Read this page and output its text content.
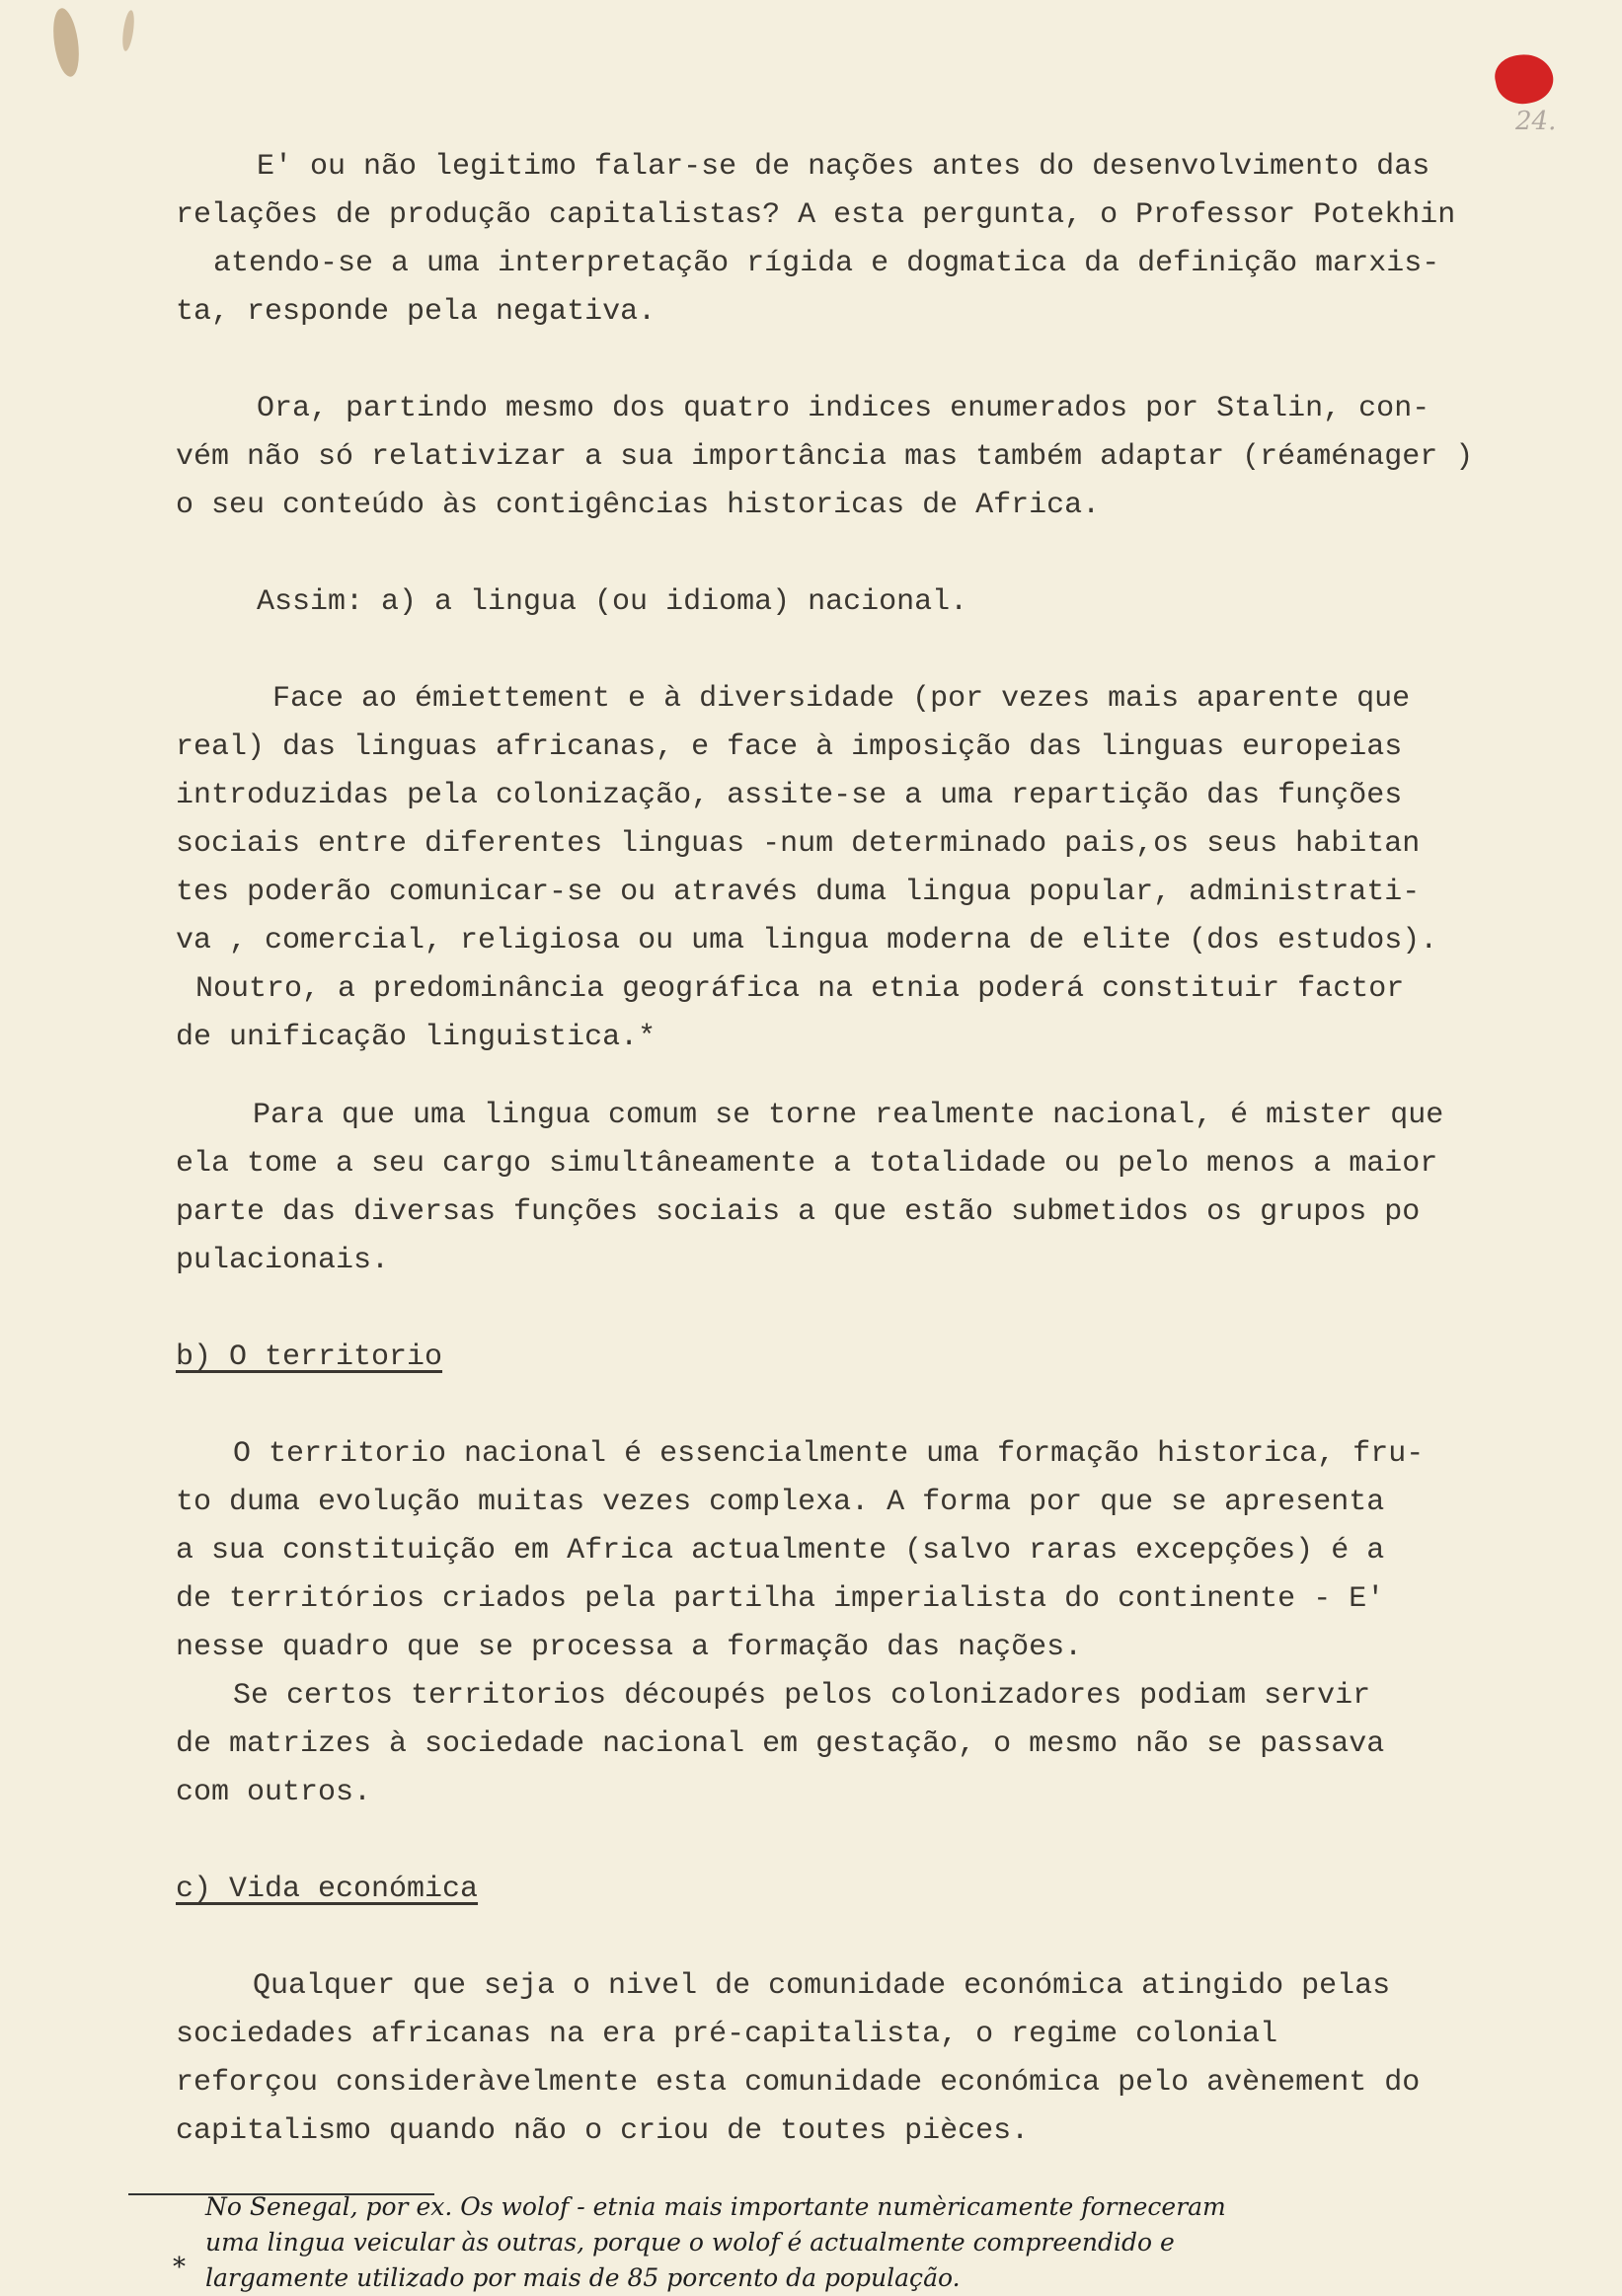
24.

E' ou não legitimo falar-se de nações antes do desenvolvimento das
relações de produção capitalistas? A esta pergunta, o Professor Potekhin
atendo-se a uma interpretação rígida e dogmatica da definição marxis-
ta, responde pela negativa.

Ora, partindo mesmo dos quatro indices enumerados por Stalin, con-
vém não só relativizar a sua importância mas também adaptar (réaménager )
o seu conteúdo às contigências historicas de Africa.

Assim: a) a lingua (ou idioma) nacional.

Face ao émiettement e à diversidade (por vezes mais aparente que
real) das linguas africanas, e face à imposição das linguas europeias
introduzidas pela colonização, assite-se a uma repartição das funções
sociais entre diferentes linguas -num determinado pais,os seus habitan
tes poderão comunicar-se ou através duma lingua popular, administrati-
va , comercial, religiosa ou uma lingua moderna de elite (dos estudos).
Noutro, a predominância geográfica na etnia poderá constituir factor
de unificação linguistica.*

Para que uma lingua comum se torne realmente nacional, é mister que
ela tome a seu cargo simultâneamente a totalidade ou pelo menos a maior
parte das diversas funções sociais a que estão submetidos os grupos po
pulacionais.

b) O territorio

O territorio nacional é essencialmente uma formação historica, fru-
to duma evolução muitas vezes complexa. A forma por que se apresenta
a sua constituição em Africa actualmente (salvo raras excepções) é a
de territórios criados pela partilha imperialista do continente - E'
nesse quadro que se processa a formação das nações.
Se certos territorios découpés pelos colonizadores podiam servir
de matrizes à sociedade nacional em gestação, o mesmo não se passava
com outros.

c) Vida económica

Qualquer que seja o nivel de comunidade económica atingido pelas
sociedades africanas na era pré-capitalista, o regime colonial
reforçou consideràvelmente esta comunidade económica pelo avènement do
capitalismo quando não o criou de toutes pièces.

*
No Senegal, por ex. Os wolof - etnia mais importante numèricamente forneceram
uma lingua veicular às outras, porque o wolof é actualmente compreendido e
largamente utilizado por mais de 85 porcento da população.
